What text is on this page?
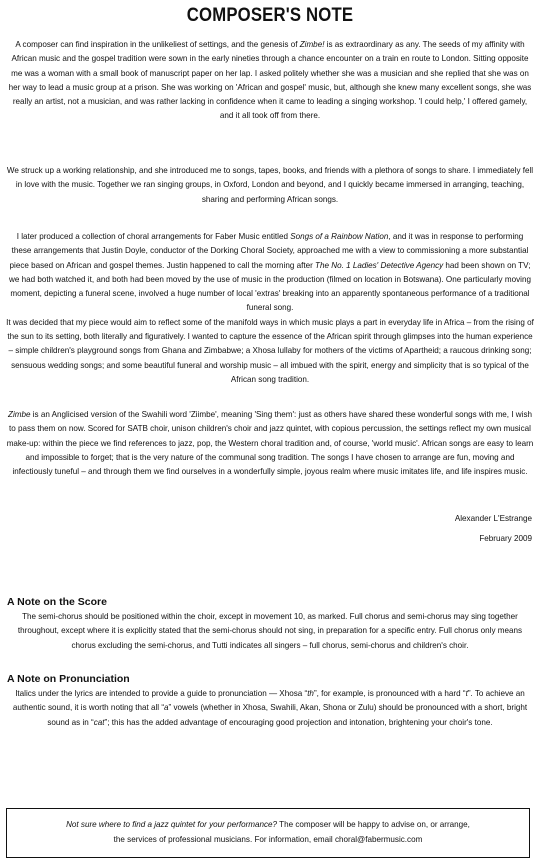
COMPOSER'S NOTE

A composer can find inspiration in the unlikeliest of settings, and the genesis of Zimbe! is as extraordinary as any. The seeds of my affinity with African music and the gospel tradition were sown in the early nineties through a chance encounter on a train en route to London. Sitting opposite me was a woman with a small book of manuscript paper on her lap. I asked politely whether she was a musician and she replied that she was on her way to lead a music group at a prison. She was working on 'African and gospel' music, but, although she knew many excellent songs, she was really an artist, not a musician, and was rather lacking in confidence when it came to leading a singing workshop. 'I could help,' I offered gamely, and it all took off from there.

We struck up a working relationship, and she introduced me to songs, tapes, books, and friends with a plethora of songs to share. I immediately fell in love with the music. Together we ran singing groups, in Oxford, London and beyond, and I quickly became immersed in arranging, teaching, sharing and performing African songs.

I later produced a collection of choral arrangements for Faber Music entitled Songs of a Rainbow Nation, and it was in response to performing these arrangements that Justin Doyle, conductor of the Dorking Choral Society, approached me with a view to commissioning a more substantial piece based on African and gospel themes. Justin happened to call the morning after The No. 1 Ladies' Detective Agency had been shown on TV; we had both watched it, and both had been moved by the use of music in the production (filmed on location in Botswana). One particularly moving moment, depicting a funeral scene, involved a huge number of local 'extras' breaking into an apparently spontaneous performance of a traditional funeral song.
It was decided that my piece would aim to reflect some of the manifold ways in which music plays a part in everyday life in Africa – from the rising of the sun to its setting, both literally and figuratively. I wanted to capture the essence of the African spirit through glimpses into the human experience – simple children's playground songs from Ghana and Zimbabwe; a Xhosa lullaby for mothers of the victims of Apartheid; a raucous drinking song; sensuous wedding songs; and some beautiful funeral and worship music – all imbued with the spirit, energy and simplicity that is so typical of the African song tradition.

Zimbe is an Anglicised version of the Swahili word 'Ziimbe', meaning 'Sing them': just as others have shared these wonderful songs with me, I wish to pass them on now. Scored for SATB choir, unison children's choir and jazz quintet, with copious percussion, the settings reflect my own musical make-up: within the piece we find references to jazz, pop, the Western choral tradition and, of course, 'world music'. African songs are easy to learn and impossible to forget; that is the very nature of the communal song tradition. The songs I have chosen to arrange are fun, moving and infectiously tuneful – and through them we find ourselves in a wonderfully simple, joyous realm where music imitates life, and life inspires music.

Alexander L'Estrange
February 2009
A Note on the Score

The semi-chorus should be positioned within the choir, except in movement 10, as marked. Full chorus and semi-chorus may sing together throughout, except where it is explicitly stated that the semi-chorus should not sing, in preparation for a specific entry. Full chorus only means chorus excluding the semi-chorus, and Tutti indicates all singers – full chorus, semi-chorus and children's choir.

A Note on Pronunciation

Italics under the lyrics are intended to provide a guide to pronunciation — Xhosa “th”, for example, is pronounced with a hard “t”. To achieve an authentic sound, it is worth noting that all “a” vowels (whether in Xhosa, Swahili, Akan, Shona or Zulu) should be pronounced with a short, bright sound as in “cat”; this has the added advantage of encouraging good projection and intonation, brightening your choir's tone.

Not sure where to find a jazz quintet for your performance? The composer will be happy to advise on, or arrange,
the services of professional musicians. For information, email choral@fabermusic.com
